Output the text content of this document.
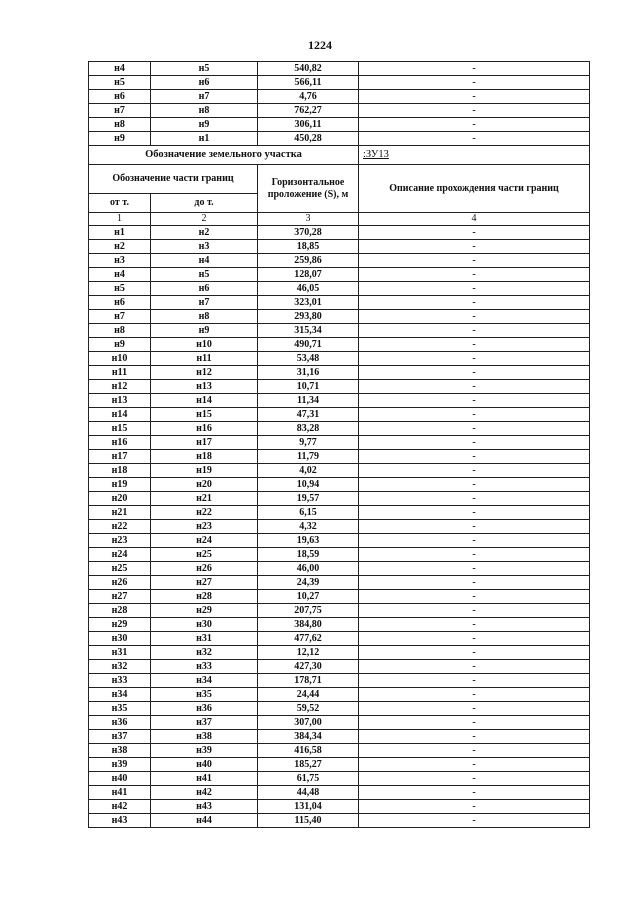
1224
н4	н5	540,82	-
н5	н6	566,11	-
н6	н7	4,76	-
н7	н8	762,27	-
н8	н9	306,11	-
н9	н1	450,28	-
Обозначение земельного участка			:ЗУ13
Обозначение части границ		Горизонтальное проложение (S), м	Описание прохождения части границ
от т.	до т.		
1	2	3	4
н1	н2	370,28	-
н2	н3	18,85	-
н3	н4	259,86	-
н4	н5	128,07	-
н5	н6	46,05	-
н6	н7	323,01	-
н7	н8	293,80	-
н8	н9	315,34	-
н9	н10	490,71	-
н10	н11	53,48	-
н11	н12	31,16	-
н12	н13	10,71	-
н13	н14	11,34	-
н14	н15	47,31	-
н15	н16	83,28	-
н16	н17	9,77	-
н17	н18	11,79	-
н18	н19	4,02	-
н19	н20	10,94	-
н20	н21	19,57	-
н21	н22	6,15	-
н22	н23	4,32	-
н23	н24	19,63	-
н24	н25	18,59	-
н25	н26	46,00	-
н26	н27	24,39	-
н27	н28	10,27	-
н28	н29	207,75	-
н29	н30	384,80	-
н30	н31	477,62	-
н31	н32	12,12	-
н32	н33	427,30	-
н33	н34	178,71	-
н34	н35	24,44	-
н35	н36	59,52	-
н36	н37	307,00	-
н37	н38	384,34	-
н38	н39	416,58	-
н39	н40	185,27	-
н40	н41	61,75	-
н41	н42	44,48	-
н42	н43	131,04	-
н43	н44	115,40	-
